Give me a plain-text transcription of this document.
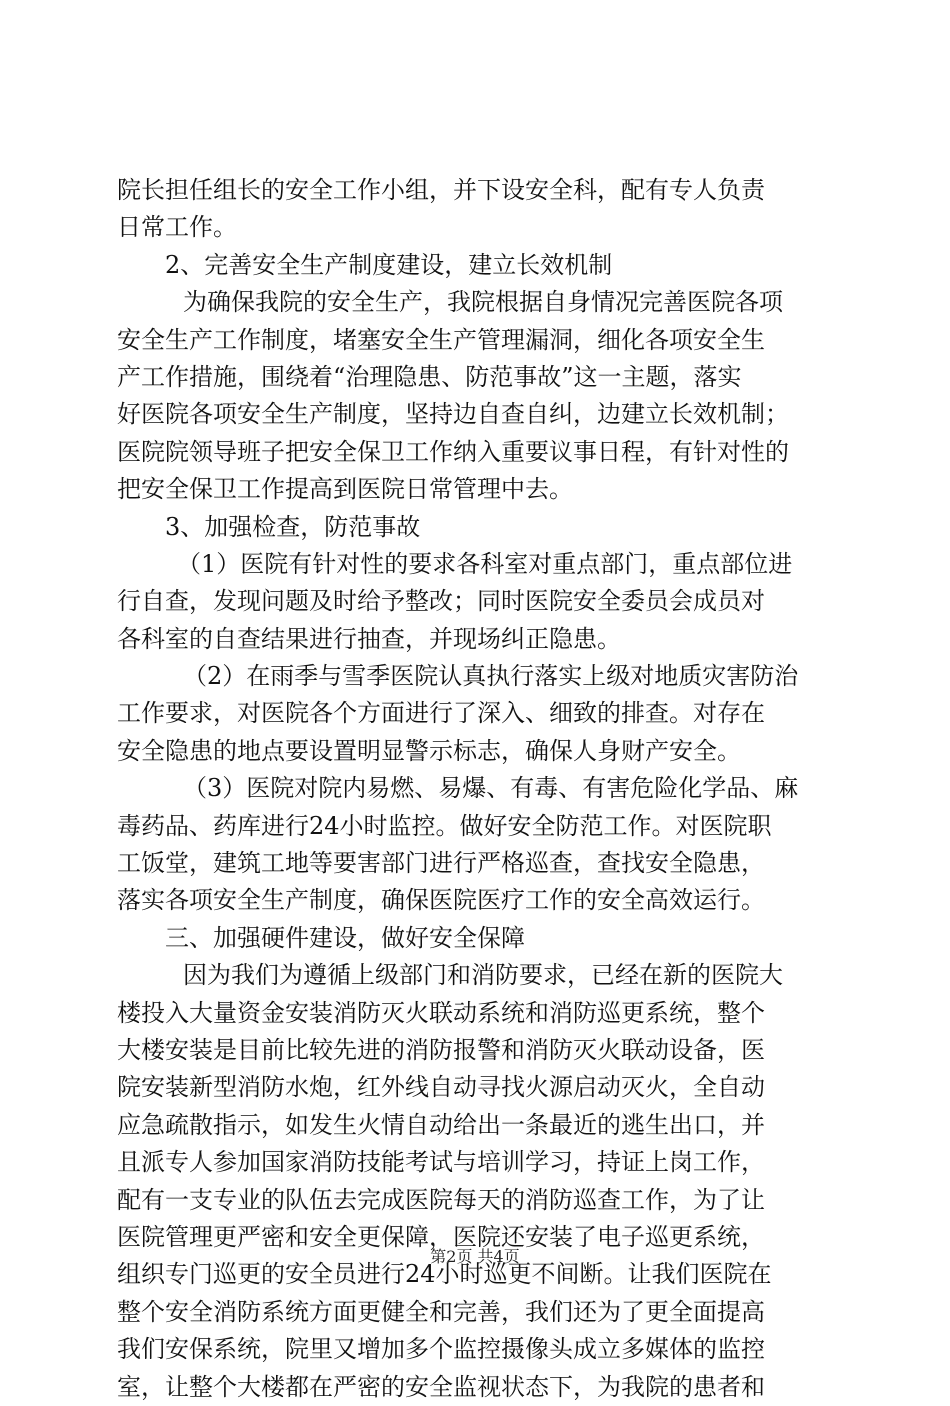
院长担任组长的安全工作小组，并下设安全科，配有专人负责
日常工作。
2、完善安全生产制度建设，建立长效机制
为确保我院的安全生产，我院根据自身情况完善医院各项
安全生产工作制度，堵塞安全生产管理漏洞，细化各项安全生
产工作措施，围绕着“治理隐患、防范事故”这一主题，落实
好医院各项安全生产制度，坚持边自查自纠，边建立长效机制；
医院院领导班子把安全保卫工作纳入重要议事日程，有针对性的
把安全保卫工作提高到医院日常管理中去。
3、加强检查，防范事故
（1）医院有针对性的要求各科室对重点部门，重点部位进
行自查，发现问题及时给予整改；同时医院安全委员会成员对
各科室的自查结果进行抽查，并现场纠正隐患。
（2）在雨季与雪季医院认真执行落实上级对地质灾害防治
工作要求，对医院各个方面进行了深入、细致的排查。对存在
安全隐患的地点要设置明显警示标志，确保人身财产安全。
（3）医院对院内易燃、易爆、有毒、有害危险化学品、麻
毒药品、药库进行24小时监控。做好安全防范工作。对医院职
工饭堂，建筑工地等要害部门进行严格巡查，查找安全隐患，
落实各项安全生产制度，确保医院医疗工作的安全高效运行。
三、加强硬件建设，做好安全保障
因为我们为遵循上级部门和消防要求，已经在新的医院大
楼投入大量资金安装消防灭火联动系统和消防巡更系统，整个
大楼安装是目前比较先进的消防报警和消防灭火联动设备，医
院安装新型消防水炮，红外线自动寻找火源启动灭火，全自动
应急疏散指示，如发生火情自动给出一条最近的逃生出口，并
且派专人参加国家消防技能考试与培训学习，持证上岗工作，
配有一支专业的队伍去完成医院每天的消防巡查工作，为了让
医院管理更严密和安全更保障，医院还安装了电子巡更系统，
组织专门巡更的安全员进行24小时巡更不间断。让我们医院在
整个安全消防系统方面更健全和完善，我们还为了更全面提高
我们安保系统，院里又增加多个监控摄像头成立多媒体的监控
室，让整个大楼都在严密的安全监视状态下，为我院的患者和
第2页 共4页
